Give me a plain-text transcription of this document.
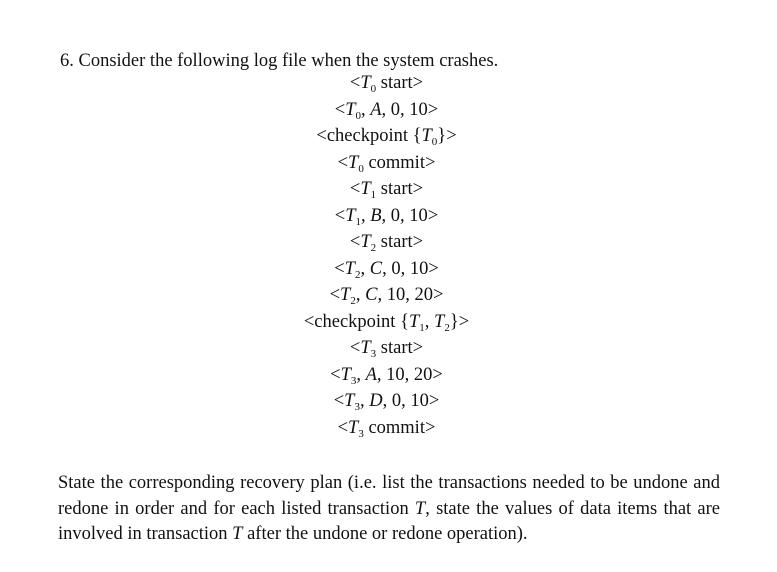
6. Consider the following log file when the system crashes.
$<T_0$ start>
$<T_0$, A, 0, 10>
<checkpoint $\{T_0\}>$
$<T_0$ commit>
$<T_1$ start>
$<T_1$, B, 0, 10>
$<T_2$ start>
$<T_2$, C, 0, 10>
$<T_2$, C, 10, 20>
<checkpoint {$T_1$, $T_2\}>$
$<T_3$ start>
$<T_3$, A, 10, 20>
$<T_3$, D, 0, 10>
$<T_3$ commit>

State the corresponding recovery plan (i.e. list the transactions needed to be undone and redone in order and for each listed transaction T, state the values of data items that are involved in transaction T after the undone or redone operation).
